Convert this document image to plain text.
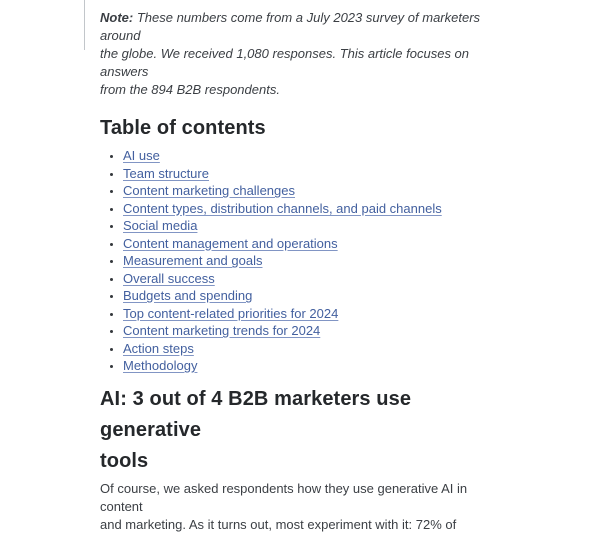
Note: These numbers come from a July 2023 survey of marketers around
the globe. We received 1,080 responses. This article focuses on answers
from the 894 B2B respondents.
Table of contents
• AI use
• Team structure
• Content marketing challenges
• Content types, distribution channels, and paid channels
• Social media
• Content management and operations
• Measurement and goals
• Overall success
• Budgets and spending
• Top content-related priorities for 2024
• Content marketing trends for 2024
• Action steps
• Methodology
AI: 3 out of 4 B2B marketers use generative
tools
Of course, we asked respondents how they use generative AI in content
and marketing. As it turns out, most experiment with it: 72% of
